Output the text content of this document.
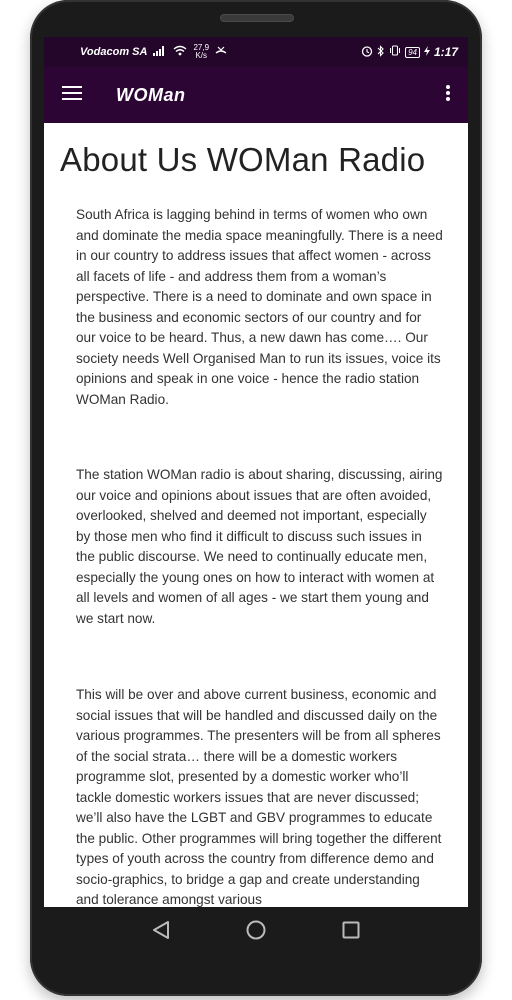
Vodacom SA	27,9
K/s	94 1:17
WOMan
About Us WOMan Radio

South Africa is lagging behind in terms of women who own and dominate the media space meaningfully. There is a need in our country to address issues that affect women - across all facets of life - and address them from a woman’s perspective. There is a need to dominate and own space in the business and economic sectors of our country and for our voice to be heard. Thus, a new dawn has come…. Our society needs Well Organised Man to run its issues, voice its opinions and speak in one voice - hence the radio station WOMan Radio.

The station WOMan radio is about sharing, discussing, airing our voice and opinions about issues that are often avoided, overlooked, shelved and deemed not important, especially by those men who find it difficult to discuss such issues in the public discourse. We need to continually educate men, especially the young ones on how to interact with women at all levels and women of all ages - we start them young and we start now.

This will be over and above current business, economic and social issues that will be handled and discussed daily on the various programmes. The presenters will be from all spheres of the social strata… there will be a domestic workers programme slot, presented by a domestic worker who’ll tackle domestic workers issues that are never discussed; we’ll also have the LGBT and GBV programmes to educate the public. Other programmes will bring together the different types of youth across the country from difference demo and socio-graphics, to bridge a gap and create understanding and tolerance amongst various
